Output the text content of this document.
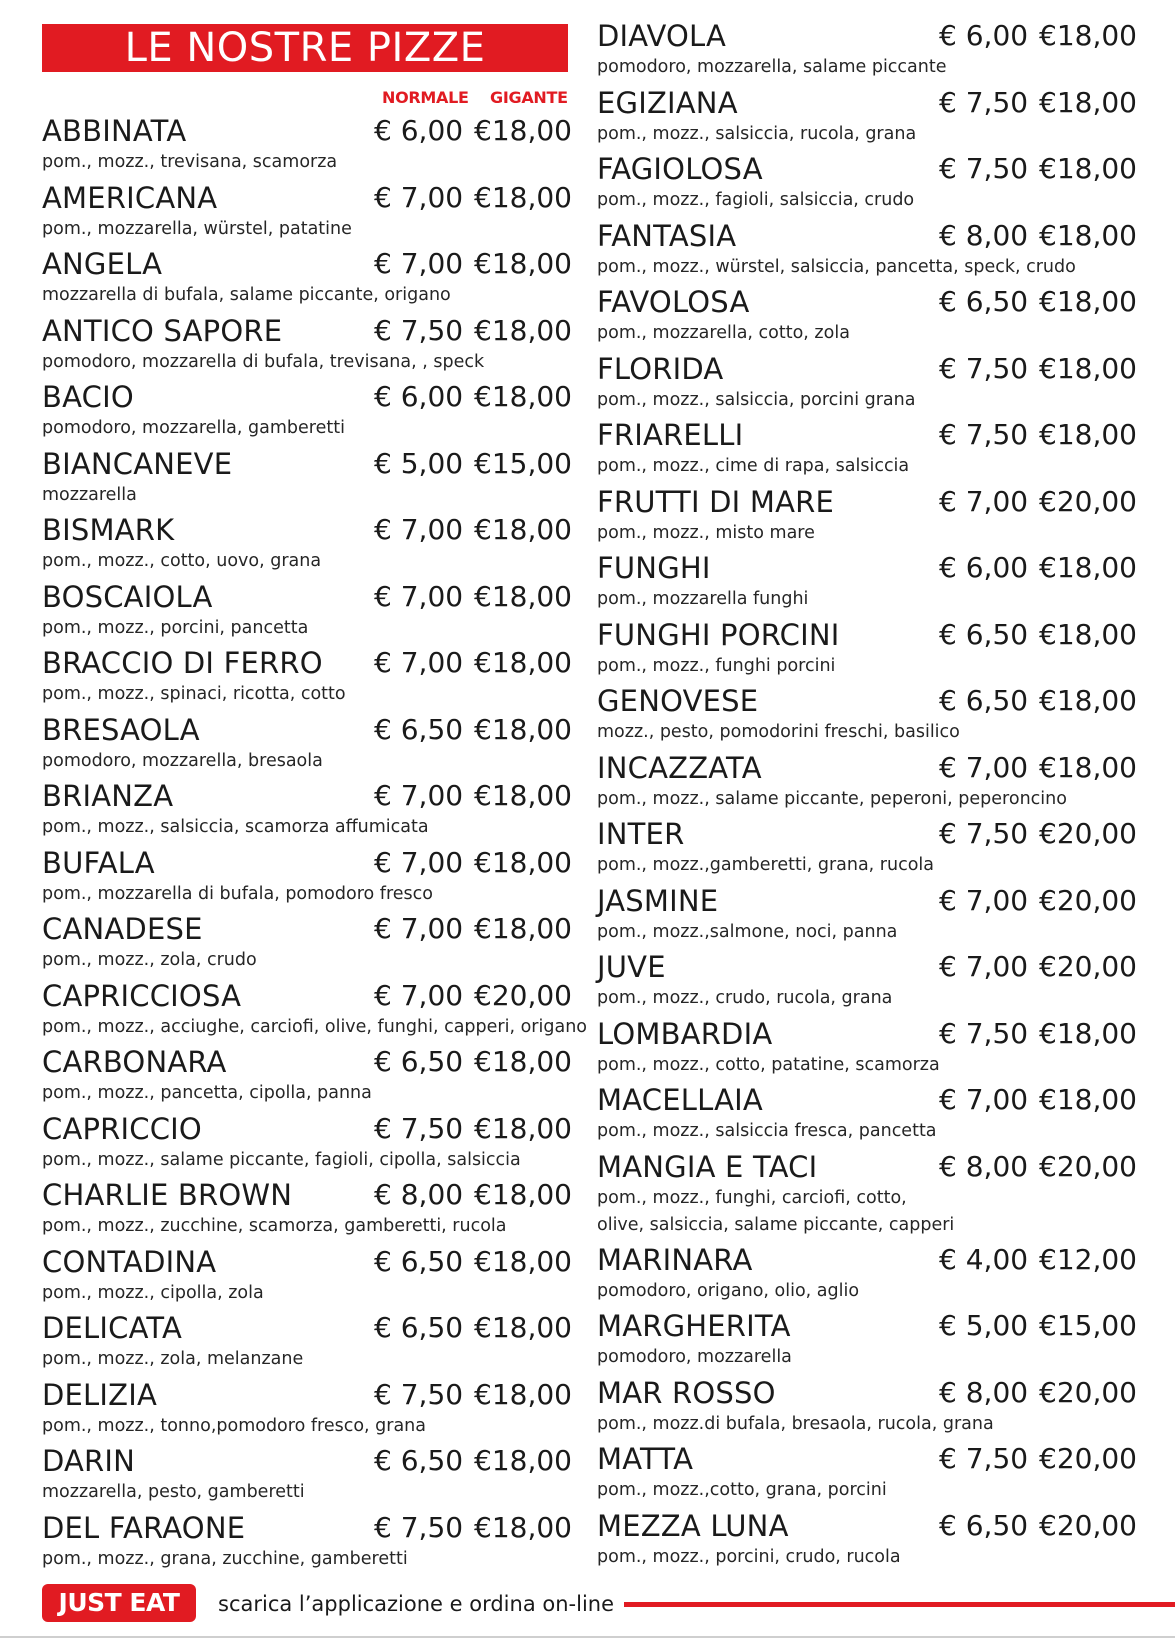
LE NOSTRE PIZZE
NORMALE GIGANTE
ABBINATA	€ 6,00 €18,00
pom., mozz., trevisana, scamorza
AMERICANA	€ 7,00 €18,00
pom., mozzarella, würstel, patatine
ANGELA	€ 7,00 €18,00
mozzarella di bufala, salame piccante, origano
ANTICO SAPORE	€ 7,50 €18,00
pomodoro, mozzarella di bufala, trevisana, , speck
BACIO	€ 6,00 €18,00
pomodoro, mozzarella, gamberetti
BIANCANEVE	€ 5,00 €15,00
mozzarella
BISMARK	€ 7,00 €18,00
pom., mozz., cotto, uovo, grana
BOSCAIOLA	€ 7,00 €18,00
pom., mozz., porcini, pancetta
BRACCIO DI FERRO € 7,00 €18,00
pom., mozz., spinaci, ricotta, cotto
BRESAOLA	€ 6,50 €18,00
pomodoro, mozzarella, bresaola
BRIANZA	€ 7,00 €18,00
pom., mozz., salsiccia, scamorza affumicata
BUFALA	€ 7,00 €18,00
pom., mozzarella di bufala, pomodoro fresco
CANADESE	€ 7,00 €18,00
pom., mozz., zola, crudo
CAPRICCIOSA	€ 7,00 €20,00
pom., mozz., acciughe, carciofi, olive, funghi, capperi, origano
CARBONARA	€ 6,50 €18,00
pom., mozz., pancetta, cipolla, panna
CAPRICCIO	€ 7,50 €18,00
pom., mozz., salame piccante, fagioli, cipolla, salsiccia
CHARLIE BROWN	€ 8,00 €18,00
pom., mozz., zucchine, scamorza, gamberetti, rucola
CONTADINA	€ 6,50 €18,00
pom., mozz., cipolla, zola
DELICATA	€ 6,50 €18,00
pom., mozz., zola, melanzane
DELIZIA	€ 7,50 €18,00
pom., mozz., tonno,pomodoro fresco, grana
DARIN	€ 6,50 €18,00
mozzarella, pesto, gamberetti
DEL FARAONE	€ 7,50 €18,00
pom., mozz., grana, zucchine, gamberetti
DIAVOLA	€ 6,00 €18,00
pomodoro, mozzarella, salame piccante
EGIZIANA	€ 7,50 €18,00
pom., mozz., salsiccia, rucola, grana
FAGIOLOSA	€ 7,50 €18,00
pom., mozz., fagioli, salsiccia, crudo
FANTASIA	€ 8,00 €18,00
pom., mozz., würstel, salsiccia, pancetta, speck, crudo
FAVOLOSA	€ 6,50 €18,00
pom., mozzarella, cotto, zola
FLORIDA	€ 7,50 €18,00
pom., mozz., salsiccia, porcini grana
FRIARELLI	€ 7,50 €18,00
pom., mozz., cime di rapa, salsiccia
FRUTTI DI MARE	€ 7,00 €20,00
pom., mozz., misto mare
FUNGHI	€ 6,00 €18,00
pom., mozzarella funghi
FUNGHI PORCINI	€ 6,50 €18,00
pom., mozz., funghi porcini
GENOVESE	€ 6,50 €18,00
mozz., pesto, pomodorini freschi, basilico
INCAZZATA	€ 7,00 €18,00
pom., mozz., salame piccante, peperoni, peperoncino
INTER	€ 7,50 €20,00
pom., mozz.,gamberetti, grana, rucola
JASMINE	€ 7,00 €20,00
pom., mozz.,salmone, noci, panna
JUVE	€ 7,00 €20,00
pom., mozz., crudo, rucola, grana
LOMBARDIA	€ 7,50 €18,00
pom., mozz., cotto, patatine, scamorza
MACELLAIA	€ 7,00 €18,00
pom., mozz., salsiccia fresca, pancetta
MANGIA E TACI	€ 8,00 €20,00
pom., mozz., funghi, carciofi, cotto,
olive, salsiccia, salame piccante, capperi
MARINARA	€ 4,00 €12,00
pomodoro, origano, olio, aglio
MARGHERITA	€ 5,00 €15,00
pomodoro, mozzarella
MAR ROSSO	€ 8,00 €20,00
pom., mozz.di bufala, bresaola, rucola, grana
MATTA	€ 7,50 €20,00
pom., mozz.,cotto, grana, porcini
MEZZA LUNA	€ 6,50 €20,00
pom., mozz., porcini, crudo, rucola
JUST EAT	scarica l’applicazione e ordina on-line
